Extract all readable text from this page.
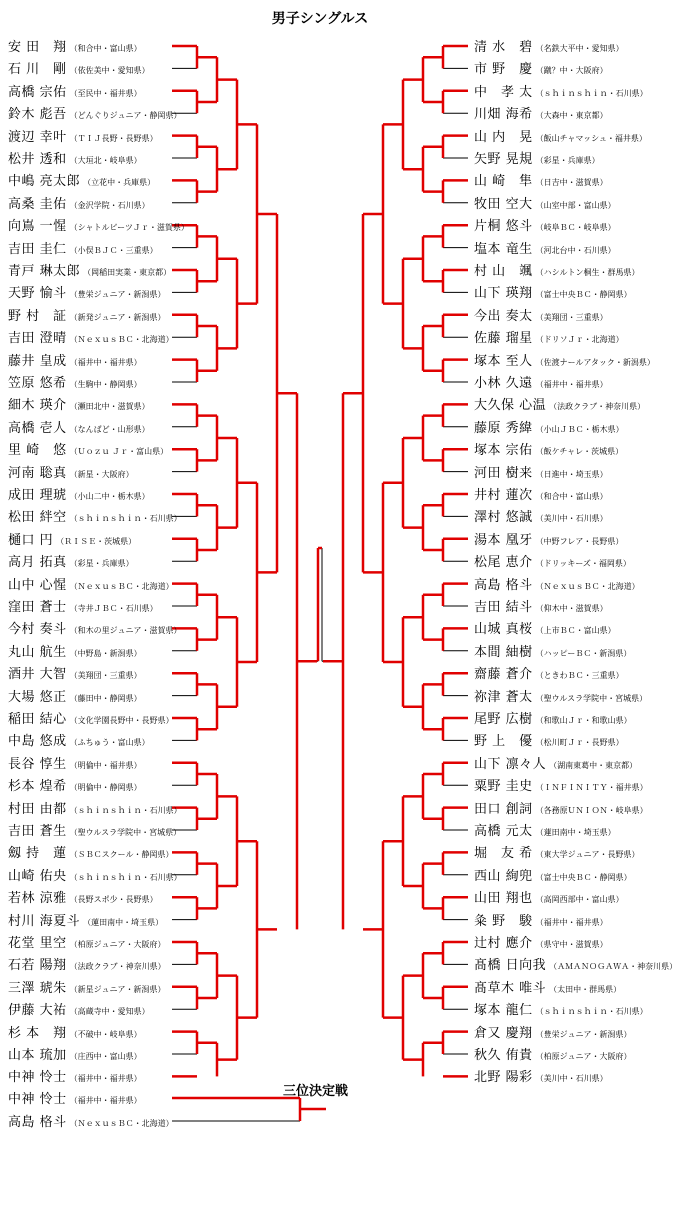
男子シングルス
安 田　翔 （和合中・富山県）
石 川　剛 （依佐美中・愛知県）
高橋 宗佑 （至民中・福井県）
鈴木 彪吾 （どんぐりジュニア・静岡県）
渡辺 幸叶 （ＴＩＪ長野・長野県）
松井 透和 （大垣北・岐阜県）
中嶋 亮太郎 （立花中・兵庫県）
高桑 圭佑 （金沢学院・石川県）
向嶌 一惺 （シャトルビーツＪｒ・滋賀県）
吉田 圭仁 （小俣ＢＪＣ・三重県）
青戸 琳太郎 （岡稲田実業・東京都）
天野 愉斗 （豊栄ジュニア・新潟県）
野 村　証 （新発ジュニア・新潟県）
吉田 澄晴 （ＮｅｘｕｓＢＣ・北海道）
藤井 皇成 （福井中・福井県）
笠原 悠希 （生駒中・静岡県）
細木 瑛介 （瀬田北中・滋賀県）
高橋 壱人 （なんばど・山形県）
里 崎　悠 （Ｕｏｚｕ Ｊｒ・富山県）
河南 聡真 （新星・大阪府）
成田 理琥 （小山二中・栃木県）
松田 絆空 （ｓｈｉｎｓｈｉｎ・石川県）
樋口 円 （ＲＩＳＥ・茨城県）
高月 拓真 （彩星・兵庫県）
山中 心惺 （ＮｅｘｕｓＢＣ・北海道）
窪田 蒼士 （寺井ＪＢＣ・石川県）
今村 奏斗 （和木の里ジュニア・滋賀県）
丸山 航生 （中野島・新潟県）
酒井 大智 （美翔団・三重県）
大場 悠正 （藤田中・静岡県）
稲田 結心 （文化学園長野中・長野県）
中島 悠成 （ふちゅう・富山県）
長谷 惇生 （明倫中・福井県）
杉本 煌希 （明倫中・静岡県）
村田 由都 （ｓｈｉｎｓｈｉｎ・石川県）
吉田 蒼生 （聖ウルスラ学院中・宮城県）
劔 持　蓮 （ＳＢＣスクール・静岡県）
山崎 佑央 （ｓｈｉｎｓｈｉｎ・石川県）
若林 涼雅 （長野スポ少・長野県）
村川 海夏斗 （蓮田南中・埼玉県）
花堂 里空 （柏原ジュニア・大阪府）
石若 陽翔 （法政クラブ・神奈川県）
三澤 琥朱 （新星ジュニア・新潟県）
伊藤 大祐 （高蔵寺中・愛知県）
杉 本　翔 （不破中・岐阜県）
山本 琉加 （庄西中・富山県）
中神 怜士 （福井中・福井県）
清 水　碧 （名鉄大平中・愛知県）
市 野　慶 （蹴？中・大阪府）
中　孝 太 （ｓｈｉｎｓｈｉｎ・石川県）
川畑 海希 （大森中・東京都）
山 内　晃 （飯山チャマッシュ・福井県）
矢野 晃規 （彩星・兵庫県）
山 崎　隼 （日吉中・滋賀県）
牧田 空大 （山室中部・富山県）
片桐 悠斗 （岐阜ＢＣ・岐阜県）
塩本 竜生 （河北台中・石川県）
村 山　颯 （ハシルトン桐生・群馬県）
山下 瑛翔 （富士中央ＢＣ・静岡県）
今出 奏太 （美翔団・三重県）
佐藤 瑠星 （ドリソＪｒ・北海道）
塚本 至人 （佐渡ナールアタック・新潟県）
小林 久遠 （福井中・福井県）
大久保 心温 （法政クラブ・神奈川県）
藤原 秀緯 （小山ＪＢＣ・栃木県）
塚本 宗佑 （飯ケチャレ・茨城県）
河田 樹来 （日進中・埼玉県）
井村 蓮次 （和合中・富山県）
澤村 悠誠 （美川中・石川県）
湯本 凰牙 （中野フレア・長野県）
松尾 恵介 （ドリッキーズ・福岡県）
高島 格斗 （ＮｅｘｕｓＢＣ・北海道）
吉田 結斗 （仰木中・滋賀県）
山城 真桜 （上市ＢＣ・富山県）
本間 紬樹 （ハッピーＢＣ・新潟県）
齋藤 蒼介 （ときわＢＣ・三重県）
祢津 蒼太 （聖ウルスラ学院中・宮城県）
尾野 広樹 （和歌山Ｊｒ・和歌山県）
野 上　優 （松川町Ｊｒ・長野県）
山下 凛々人 （湖南東葛中・東京都）
粟野 圭史 （ＩＮＦＩＮＩＴＹ・福井県）
田口 創詞 （各務原ＵＮＩＯＮ・岐阜県）
高橋 元太 （蓮田南中・埼玉県）
堀　友 希 （東大学ジュニア・長野県）
西山 絢兜 （富士中央ＢＣ・静岡県）
山田 翔也 （高岡西部中・富山県）
粂 野　駿 （福井中・福井県）
辻村 應介 （県守中・滋賀県）
髙橋 日向我 （ＡＭＡＮＯＧＡＷＡ・神奈川県）
髙草木 唯斗 （太田中・群馬県）
塚本 龍仁 （ｓｈｉｎｓｈｉｎ・石川県）
倉又 慶翔 （豊栄ジュニア・新潟県）
秋久 侑貴 （柏原ジュニア・大阪府）
北野 陽彩 （美川中・石川県）
三位決定戦
中神 怜士 （福井中・福井県）
高島 格斗 （ＮｅｘｕｓＢＣ・北海道）
